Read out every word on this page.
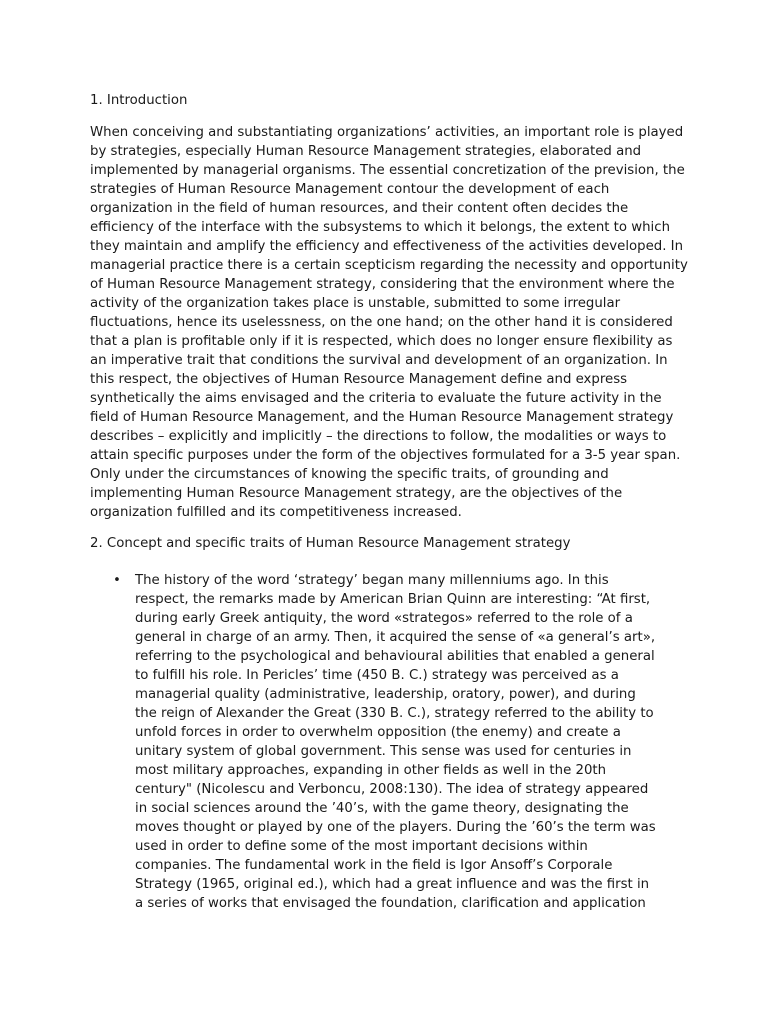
1. Introduction

When conceiving and substantiating organizations’ activities, an important role is played by strategies, especially Human Resource Management strategies, elaborated and implemented by managerial organisms. The essential concretization of the prevision, the strategies of Human Resource Management contour the development of each organization in the field of human resources, and their content often decides the efficiency of the interface with the subsystems to which it belongs, the extent to which they maintain and amplify the efficiency and effectiveness of the activities developed. In managerial practice there is a certain scepticism regarding the necessity and opportunity of Human Resource Management strategy, considering that the environment where the activity of the organization takes place is unstable, submitted to some irregular fluctuations, hence its uselessness, on the one hand; on the other hand it is considered that a plan is profitable only if it is respected, which does no longer ensure flexibility as an imperative trait that conditions the survival and development of an organization. In this respect, the objectives of Human Resource Management define and express synthetically the aims envisaged and the criteria to evaluate the future activity in the field of Human Resource Management, and the Human Resource Management strategy describes – explicitly and implicitly – the directions to follow, the modalities or ways to attain specific purposes under the form of the objectives formulated for a 3-5 year span. Only under the circumstances of knowing the specific traits, of grounding and implementing Human Resource Management strategy, are the objectives of the organization fulfilled and its competitiveness increased.

2. Concept and specific traits of Human Resource Management strategy
• The history of the word ‘strategy’ began many millenniums ago. In this respect, the remarks made by American Brian Quinn are interesting: “At first, during early Greek antiquity, the word «strategos» referred to the role of a general in charge of an army. Then, it acquired the sense of «a general’s art», referring to the psychological and behavioural abilities that enabled a general to fulfill his role. In Pericles’ time (450 B. C.) strategy was perceived as a managerial quality (administrative, leadership, oratory, power), and during the reign of Alexander the Great (330 B. C.), strategy referred to the ability to unfold forces in order to overwhelm opposition (the enemy) and create a unitary system of global government. This sense was used for centuries in most military approaches, expanding in other fields as well in the 20th century" (Nicolescu and Verboncu, 2008:130). The idea of strategy appeared in social sciences around the ’40’s, with the game theory, designating the moves thought or played by one of the players. During the ’60’s the term was used in order to define some of the most important decisions within companies. The fundamental work in the field is Igor Ansoff’s Corporale Strategy (1965, original ed.), which had a great influence and was the first in a series of works that envisaged the foundation, clarification and application
